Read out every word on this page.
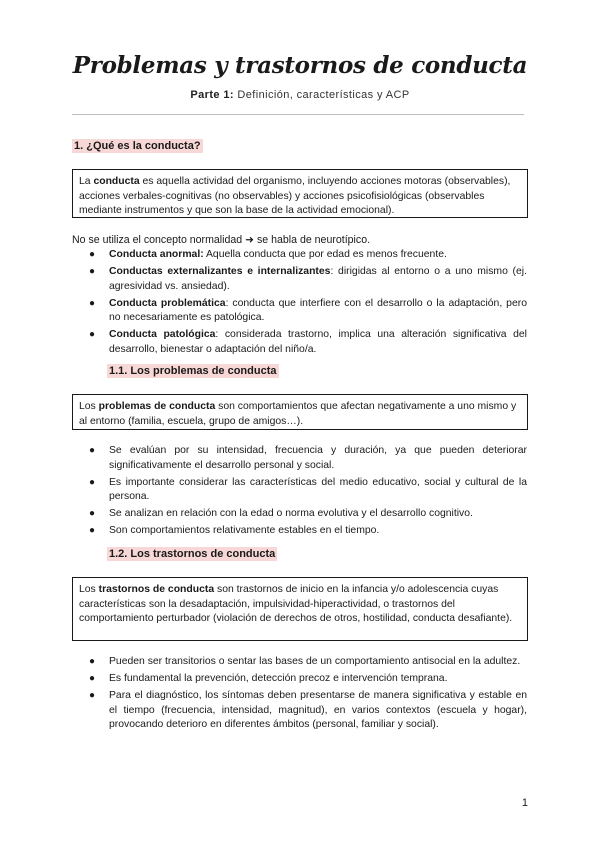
Problemas y trastornos de conducta
Parte 1: Definición, características y ACP
1. ¿Qué es la conducta?
La conducta es aquella actividad del organismo, incluyendo acciones motoras (observables), acciones verbales-cognitivas (no observables) y acciones psicofisiológicas (observables mediante instrumentos y que son la base de la actividad emocional).
No se utiliza el concepto normalidad ➜ se habla de neurotípico.
● Conducta anormal: Aquella conducta que por edad es menos frecuente.
● Conductas externalizantes e internalizantes: dirigidas al entorno o a uno mismo (ej. agresividad vs. ansiedad).
● Conducta problemática: conducta que interfiere con el desarrollo o la adaptación, pero no necesariamente es patológica.
● Conducta patológica: considerada trastorno, implica una alteración significativa del desarrollo, bienestar o adaptación del niño/a.
1.1. Los problemas de conducta
Los problemas de conducta son comportamientos que afectan negativamente a uno mismo y al entorno (familia, escuela, grupo de amigos…).
● Se evalúan por su intensidad, frecuencia y duración, ya que pueden deteriorar significativamente el desarrollo personal y social.
● Es importante considerar las características del medio educativo, social y cultural de la persona.
● Se analizan en relación con la edad o norma evolutiva y el desarrollo cognitivo.
● Son comportamientos relativamente estables en el tiempo.
1.2. Los trastornos de conducta
Los trastornos de conducta son trastornos de inicio en la infancia y/o adolescencia cuyas características son la desadaptación, impulsividad-hiperactividad, o trastornos del comportamiento perturbador (violación de derechos de otros, hostilidad, conducta desafiante).
● Pueden ser transitorios o sentar las bases de un comportamiento antisocial en la adultez.
● Es fundamental la prevención, detección precoz e intervención temprana.
● Para el diagnóstico, los síntomas deben presentarse de manera significativa y estable en el tiempo (frecuencia, intensidad, magnitud), en varios contextos (escuela y hogar), provocando deterioro en diferentes ámbitos (personal, familiar y social).
1
